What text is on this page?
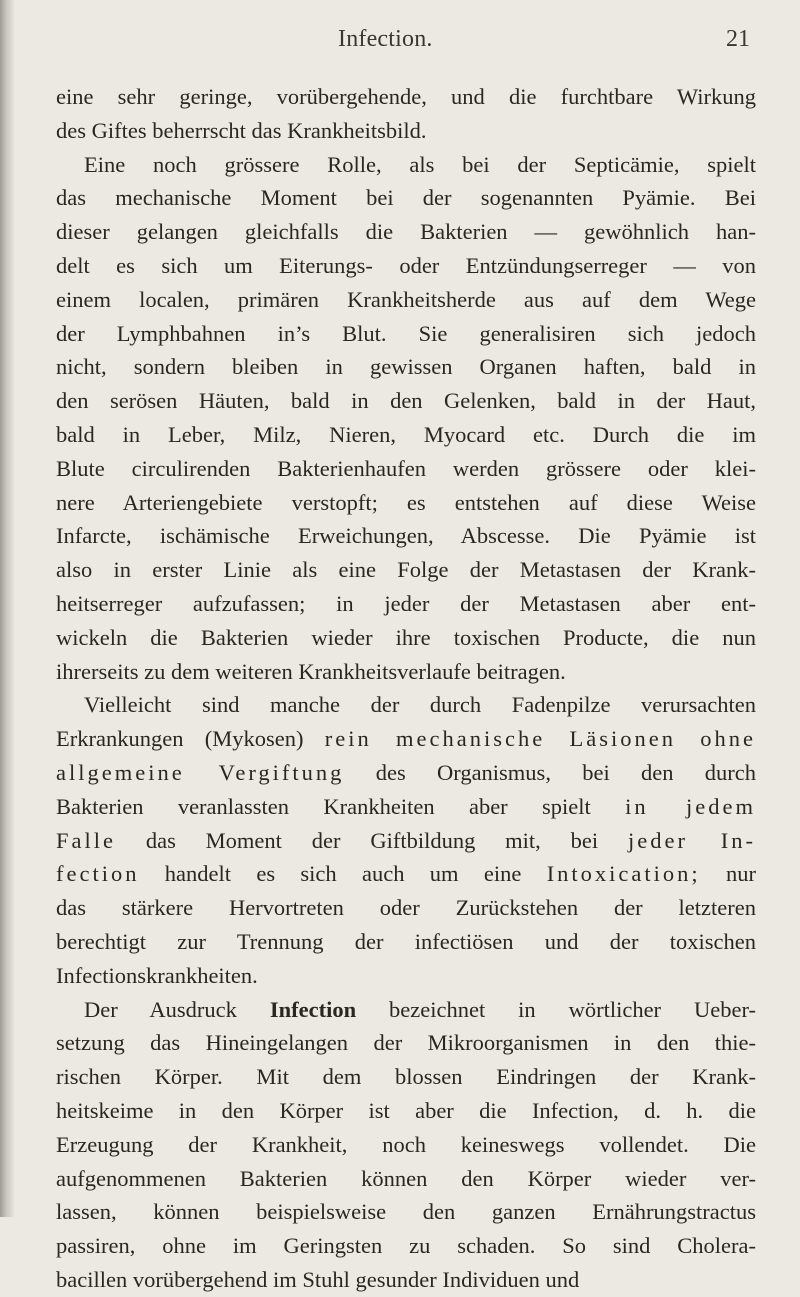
Infection.	21
eine sehr geringe, vorübergehende, und die furchtbare Wirkung
des Giftes beherrscht das Krankheitsbild.
Eine noch grössere Rolle, als bei der Septicämie, spielt
das mechanische Moment bei der sogenannten Pyämie. Bei
dieser gelangen gleichfalls die Bakterien — gewöhnlich han-
delt es sich um Eiterungs- oder Entzündungserreger — von
einem localen, primären Krankheitsherde aus auf dem Wege
der Lymphbahnen in’s Blut. Sie generalisiren sich jedoch
nicht, sondern bleiben in gewissen Organen haften, bald in
den serösen Häuten, bald in den Gelenken, bald in der Haut,
bald in Leber, Milz, Nieren, Myocard etc. Durch die im
Blute circulirenden Bakterienhaufen werden grössere oder klei-
nere Arteriengebiete verstopft; es entstehen auf diese Weise
Infarcte, ischämische Erweichungen, Abscesse. Die Pyämie ist
also in erster Linie als eine Folge der Metastasen der Krank-
heitserreger aufzufassen; in jeder der Metastasen aber ent-
wickeln die Bakterien wieder ihre toxischen Producte, die nun
ihrerseits zu dem weiteren Krankheitsverlaufe beitragen.
Vielleicht sind manche der durch Fadenpilze verursachten
Erkrankungen (Mykosen) rein mechanische Läsionen ohne
allgemeine Vergiftung des Organismus, bei den durch
Bakterien veranlassten Krankheiten aber spielt in jedem
Falle das Moment der Giftbildung mit, bei jeder In-
fection handelt es sich auch um eine Intoxication; nur
das stärkere Hervortreten oder Zurückstehen der letzteren
berechtigt zur Trennung der infectiösen und der toxischen
Infectionskrankheiten.
Der Ausdruck Infection bezeichnet in wörtlicher Ueber-
setzung das Hineingelangen der Mikroorganismen in den thie-
rischen Körper. Mit dem blossen Eindringen der Krank-
heitskeime in den Körper ist aber die Infection, d. h. die
Erzeugung der Krankheit, noch keineswegs vollendet. Die
aufgenommenen Bakterien können den Körper wieder ver-
lassen, können beispielsweise den ganzen Ernährungstractus
passiren, ohne im Geringsten zu schaden. So sind Cholera-
bacillen vorübergehend im Stuhl gesunder Individuen und
